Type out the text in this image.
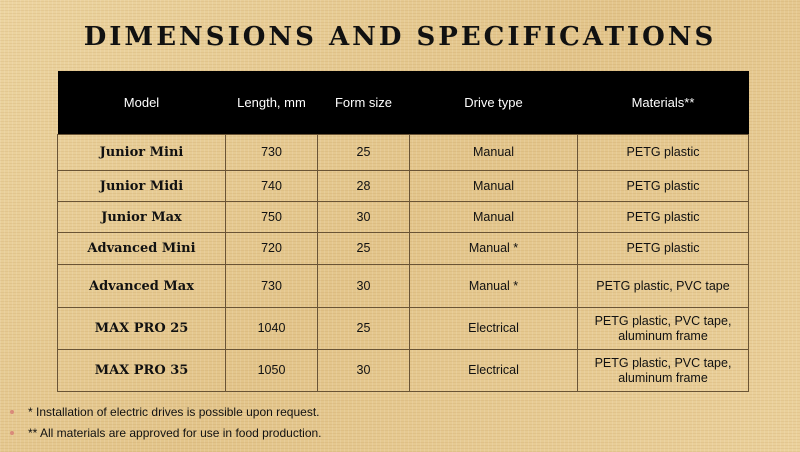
DIMENSIONS AND SPECIFICATIONS
Model	Length, mm	Form size	Drive type	Materials**
Junior Mini	730	25	Manual	PETG plastic
Junior Midi	740	28	Manual	PETG plastic
Junior Max	750	30	Manual	PETG plastic
Advanced Mini	720	25	Manual *	PETG plastic
Advanced Max	730	30	Manual *	PETG plastic, PVC tape
MAX PRO 25	1040	25	Electrical	PETG plastic, PVC tape,
aluminum frame
MAX PRO 35	1050	30	Electrical	PETG plastic, PVC tape,
aluminum frame
* Installation of electric drives is possible upon request.
** All materials are approved for use in food production.
